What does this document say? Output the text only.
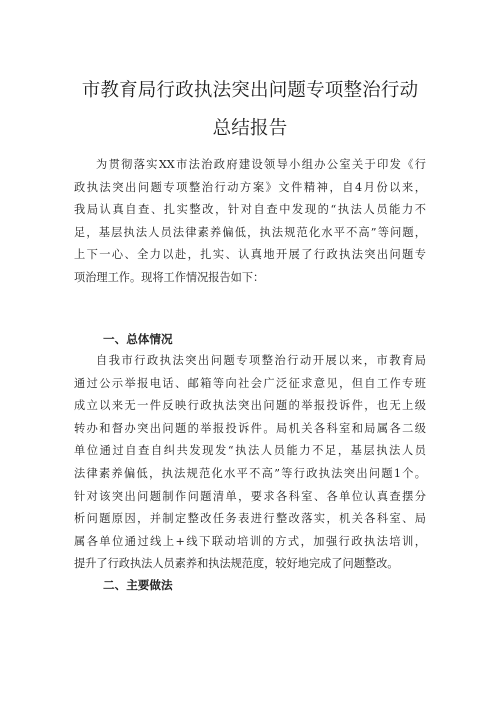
市教育局行政执法突出问题专项整治行动
总结报告
为贯彻落实XX市法治政府建设领导小组办公室关于印发《行
政执法突出问题专项整治行动方案》文件精神，自4月份以来，
我局认真自查、扎实整改，针对自查中发现的“执法人员能力不
足，基层执法人员法律素养偏低，执法规范化水平不高”等问题，
上下一心、全力以赴，扎实、认真地开展了行政执法突出问题专
项治理工作。现将工作情况报告如下：
一、总体情况
自我市行政执法突出问题专项整治行动开展以来，市教育局
通过公示举报电话、邮箱等向社会广泛征求意见，但自工作专班
成立以来无一件反映行政执法突出问题的举报投诉件，也无上级
转办和督办突出问题的举报投诉件。局机关各科室和局属各二级
单位通过自查自纠共发现发“执法人员能力不足，基层执法人员
法律素养偏低，执法规范化水平不高”等行政执法突出问题1个。
针对该突出问题制作问题清单，要求各科室、各单位认真查摆分
析问题原因，并制定整改任务表进行整改落实，机关各科室、局
属各单位通过线上+线下联动培训的方式，加强行政执法培训，
提升了行政执法人员素养和执法规范度，较好地完成了问题整改。
二、主要做法
